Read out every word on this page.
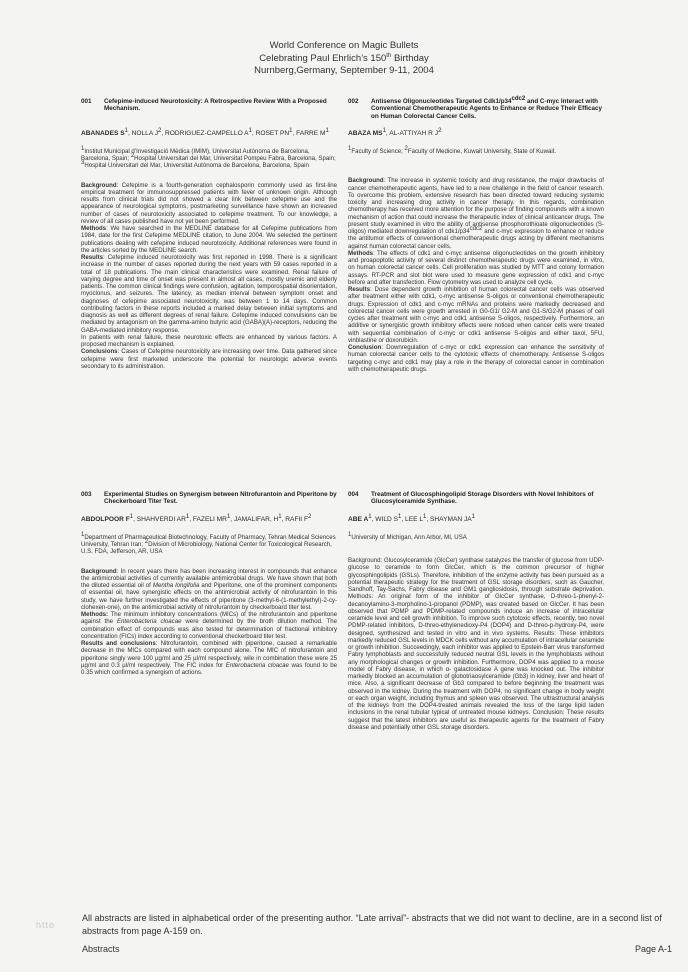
World Conference on Magic Bullets
Celebrating Paul Ehrlich’s 150th Birthday
Nurnberg,Germany, September 9-11, 2004
001	Cefepime-induced Neurotoxicity: A Retrospective Review With a Proposed Mechanism.
ABANADES $S^1$, NOLLA $J^2$, RODRIGUEZ-CAMPELLO $A^1$, ROSET $PN^1$, FARRE $M^1$
$^1$Institut Municipal d’Investigació Mèdica (IMIM), Universitat Autònoma de Barcelona, Barcelona, Spain; $^2$Hospital Universitari del Mar, Universitat Pompeu Fabra, Barcelona, Spain; $^3$Hospital Universitari del Mar, Universitat Autònoma de Barcelona, Barcelona, Spain

Background: Cefepime is a fourth-generation cephalosporin commonly used as first-line empirical treatment for immunosuppressed patients with fever of unknown origin. Although results from clinical trials did not showed a clear link between cefepime use and the appearance of neurological symptoms, postmarketing surveillance have shown an increased number of cases of neurotoxicity associated to cefepime treatment. To our knowledge, a review of all cases published have not yet been performed.
Methods: We have searched in the MEDLINE database for all Cefepime publications from 1984, date for the first Cefepime MEDLINE citation, to June 2004. We selected the pertinent publications dealing with cefepime induced neurotoxicity. Additional references were found in the articles sorted by the MEDLINE search.
Results: Cefepime induced neurotoxicity was first reported in 1998. There is a significant increase in the number of cases reported during the next years with 59 cases reported in a total of 18 publications. The main clinical characteristics were examined. Renal failure of varying degree and time of onset was present in almost all cases, mostly uremic and elderly patients. The common clinical findings were confusion, agitation, temporospatial disorientation, myoclonus, and seizures. The latency, as median interval between symptom onset and diagnoses of cefepime associated neurotoxicity, was between 1 to 14 days. Common contributing factors in these reports included a marked delay between initial symptoms and diagnosis as well as different degrees of renal failure. Cefepime induced convulsions can be mediated by antagonism on the gamma-amino butyric acid (GABA)(A)-receptors, reducing the GABA-mediated inhibitory response.
In patients with renal failure, these neurotoxic effects are enhanced by various factors. A proposed mechanism is explained.
Conclusions: Cases of Cefepime neurotoxicity are increasing over time. Data gathered since cefepime were first marketed underscore the potential for neurologic adverse events secondary to its administration.

002	Antisense Oligonucleotides Targeted $Cdk1/p34^{cdc2}$ and C-myc Interact with Conventional Chemotherapeutic Agents to Enhance or Reduce Their Efficacy on Human Colorectal Cancer Cells.
ABAZA $MS^1$, AL-ATTIYAH R $J^2$
$^1$Faculty of Science; $^2$Faculty of Medicine, Kuwait University, State of Kuwait.

Background: The increase in systemic toxicity and drug resistance, the major drawbacks of cancer chemotherapeutic agents, have led to a new challenge in the field of cancer research. To overcome this problem, extensive research has been directed toward reducing systemic toxicity and increasing drug activity in cancer therapy. In this regards, combination chemotherapy has received more attention for the purpose of finding compounds with a known mechanism of action that could increase the therapeutic index of clinical anticancer drugs. The present study examined in vitro the ability of antisense phosphorothioate oligonucleotides (S-oligos) mediated downregulation of $cdk1/p34^{cdc2}$ and c-myc expression to enhance or reduce the antitumor effects of conventional chemotherapeutic drugs acting by different mechanisms against human colorectal cancer cells.
Methods: The effects of cdk1 and c-myc antisense oligonucleotides on the growth inhibitory and proapoptotic activity of several distinct chemotherapeutic drugs were examined, in vitro, on human colorectal cancer cells. Cell proliferation was studied by MTT and colony formation assays. RT-PCR and slot blot were used to measure gene expression of cdk1 and c-myc before and after transfection. Flow cytometry was used to analyze cell cycle.
Results: Dose dependent growth inhibition of human colorectal cancer cells was observed after treatment either with cdk1, c-myc antisense S-oligos or conventional chemotherapeutic drugs. Expression of cdk1 and c-myc mRNAs and proteins were markedly decreased and colorectal cancer cells were growth arrested in G0-G1/ G2-M and G1-S/G2-M phases of cell cycles after treatment with c-myc and cdk1 antisense S-oligos, respectively. Furthermore, an additive or synergistic growth inhibitory effects were noticed when cancer cells were treated with sequential combination of c-myc or cdk1 antisense S-oligos and either taxol, 5FU, vinblastine or doxorubicin.
Conclusion: Downregulation of c-myc or cdk1 expression can enhance the sensitivity of human colorectal cancer cells to the cytotoxic effects of chemotherapy. Antisense S-oligos targeting c-myc and cdk1 may play a role in the therapy of colorectal cancer in combination with chemotherapeutic drugs.

003	Experimental Studies on Synergism between Nitrofurantoin and Piperitone by Checkerboard Titer Test.
ABDOLPOOR $F^1$, SHAHVERDI $AR^1$, FAZELI $MR^1$, JAMALIFAR, $H^1$, RAFII $F^2$
$^1$Department of Pharmaceutical Biotechnology, Faculty of Pharmacy, Tehran Medical Sciences University, Tehran Iran; $^2$Division of Microbiology, National Center for Toxicological Research, U.S. FDA, Jefferson, AR, USA

Background: In recent years there has been increasing interest in compounds that enhance the antimicrobial activities of currently available antimicrobial drugs. We have shown that both the diluted essential oil of Mentha longifolia and Piperitone, one of the prominent components of essential oil, have synergistic effects on the antimicrobial activity of nitrofurantoin In this study, we have further investigated the effects of piperitone (3-methyl-6-(1-methylethyl)-2-cy- clohexen-one), on the antimicrobial activity of nitrofurantoin by checkerboard titer test.
Methods: The minimum inhibitory concentrations (MICs) of the nitrofurantoin and piperitone against the Enterobacteria cloacae were determined by the broth dilution method. The combination effect of compounds was also tested for determination of fractional inhibitory concentration (FICs) index according to conventional checkerboard titer test.
Results and conclusions: Nitrofurantoin, combined with piperitone, caused a remarkable decrease in the MICs compared with each compound alone. The MIC of nitrofurantoin and piperitone singly were 100 µg/ml and 25 µl/ml respectively, wile in combination these were 25 µg/ml and 0.3 µl/ml respectively. The FIC index for Enterobacteria cloacae was found to be 0.35 which confirmed a synergism of actions.

004	Treatment of Glucosphingolipid Storage Disorders with Novel Inhibitors of Glucosylceramide Synthase.
ABE $A^1$, WILD $S^1$, LEE $L^1$, SHAYMAN $JA^1$
$^1$University of Michigan, Ann Arbor, MI, USA

Background: Glucosylceramide (GlcCer) synthase catalyzes the transfer of glucose from UDP-glucose to ceramide to form GlcCer, which is the common precursor of higher glycosphingolipids (GSLs). Therefore, inhibition of the enzyme activity has been pursued as a potential therapeutic strategy for the treatment of GSL storage disorders, such as Gaucher, Sandhoff, Tay-Sachs, Fabry disease and GM1 gangliosidosis, through substrate deprivation. Methods: An original form of the inhibitor of GlcCer synthase, D-threo-1-phenyl-2-decanoylamino-3-morpholino-1-propanol (PDMP), was created based on GlcCer. It has been observed that PDMP and PDMP-related compounds induce an increase of intracellular ceramide level and cell growth inhibition. To improve such cytotoxic effects, recently, two novel PDMP-related inhibitors, D-threo-ethylenedioxy-P4 (DOP4) and D-threo-p-hydroxy-P4, were designed, synthesized and tested in vitro and in vivo systems. Results: These inhibitors markedly reduced GSL levels in MDCK cells without any accumulation of intracellular ceramide or growth inhibition. Succeedingly, each inhibitor was applied to Epstein-Barr virus transformed Fabry lymphoblasts and successfully reduced neutral GSL levels in the lymphoblasts without any morphological changes or growth inhibition. Furthermore, DOP4 was applied to a mouse model of Fabry disease, in which α- galactosidase A gene was knocked out. The inhibitor markedly blocked an accumulation of globotriaosylceramide (Gb3) in kidney, liver and heart of mice. Also, a significant decrease of Gb3 compared to before beginning the treatment was observed in the kidney. During the treatment with DOP4, no significant change in body weight or each organ weight, including thymus and spleen was observed. The ultrastructural analysis of the kidneys from the DOP4-treated animals revealed the loss of the large lipid laden inclusions in the renal tubular typical of untreated mouse kidneys. Conclusion: These results suggest that the latest inhibitors are useful as therapeutic agents for the treatment of Fabry disease and potentially other GSL storage disorders.

All abstracts are listed in alphabetical order of the presenting author. “Late arrival”- abstracts that we did not want to decline, are in a second list of abstracts from page A-159 on.
htto
Abstracts	Page A-1
